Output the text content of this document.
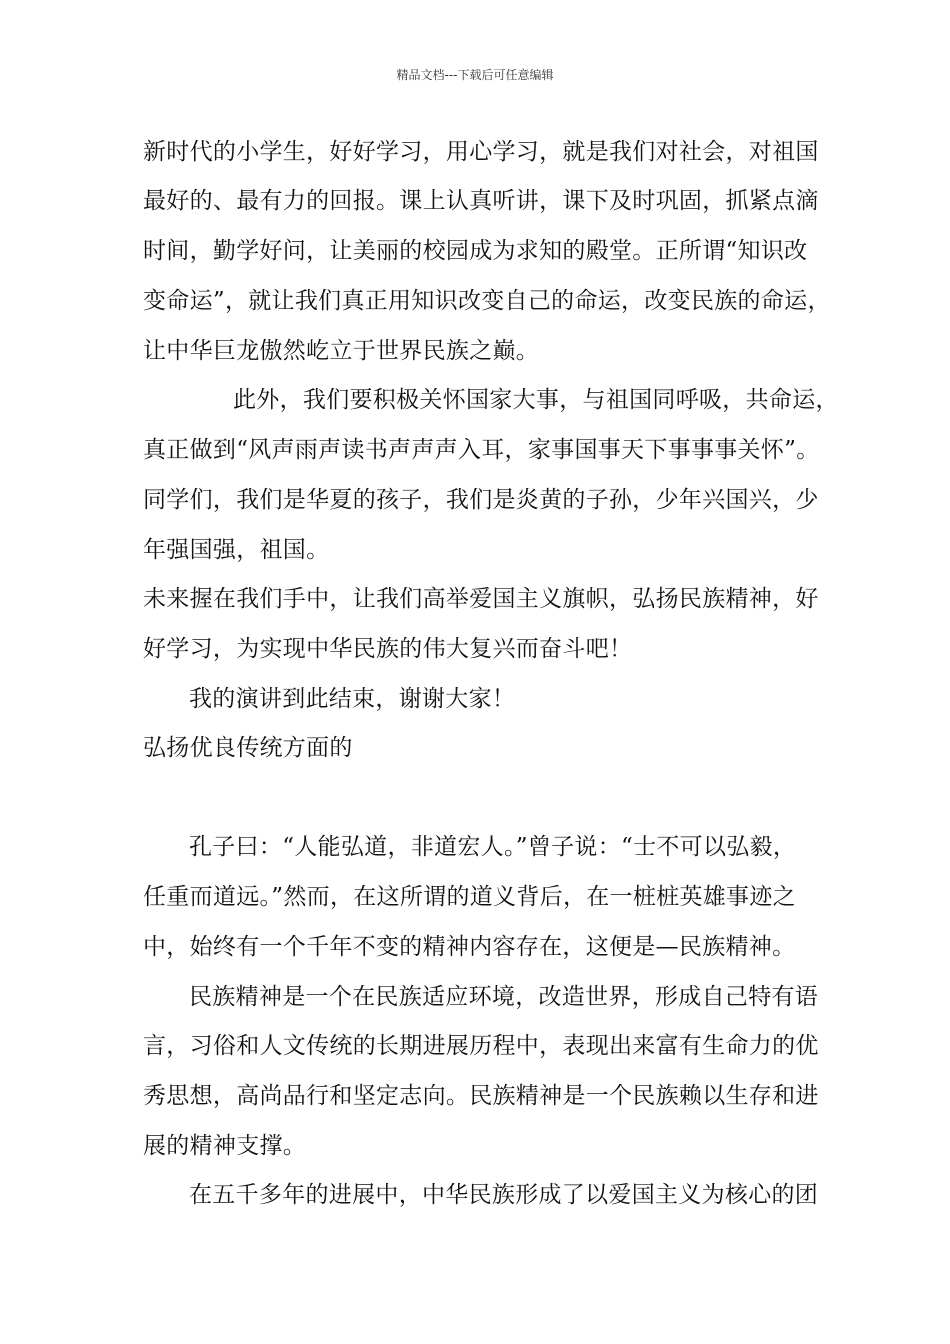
精品文档---下载后可任意编辑
新时代的小学生，好好学习，用心学习，就是我们对社会，对祖国
最好的、最有力的回报。课上认真听讲，课下及时巩固，抓紧点滴
时间，勤学好问，让美丽的校园成为求知的殿堂。正所谓“知识改
变命运”，就让我们真正用知识改变自己的命运，改变民族的命运，
让中华巨龙傲然屹立于世界民族之巅。
此外，我们要积极关怀国家大事，与祖国同呼吸，共命运，
真正做到“风声雨声读书声声声入耳，家事国事天下事事事关怀”。
同学们，我们是华夏的孩子，我们是炎黄的子孙，少年兴国兴，少
年强国强，祖国。
未来握在我们手中，让我们高举爱国主义旗帜，弘扬民族精神，好
好学习，为实现中华民族的伟大复兴而奋斗吧！
我的演讲到此结束，谢谢大家！
弘扬优良传统方面的
孔子曰：“人能弘道，非道宏人。”曾子说：“士不可以弘毅，
任重而道远。”然而，在这所谓的道义背后，在一桩桩英雄事迹之
中，始终有一个千年不变的精神内容存在，这便是—民族精神。
民族精神是一个在民族适应环境，改造世界，形成自己特有语
言，习俗和人文传统的长期进展历程中，表现出来富有生命力的优
秀思想，高尚品行和坚定志向。民族精神是一个民族赖以生存和进
展的精神支撑。
在五千多年的进展中，中华民族形成了以爱国主义为核心的团
